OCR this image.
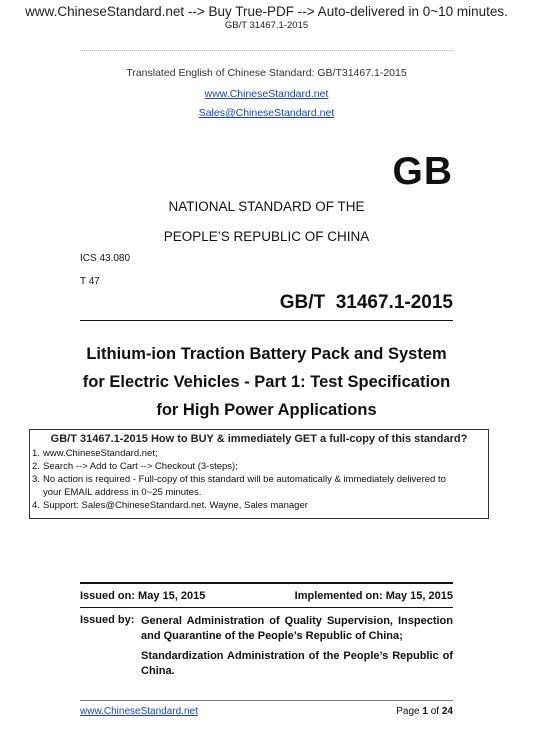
www.ChineseStandard.net --> Buy True-PDF --> Auto-delivered in 0~10 minutes.
GB/T 31467.1-2015
Translated English of Chinese Standard: GB/T31467.1-2015
www.ChineseStandard.net
Sales@ChineseStandard.net
GB
NATIONAL STANDARD OF THE
PEOPLE’S REPUBLIC OF CHINA
ICS 43.080
T 47
GB/T  31467.1-2015
Lithium-ion Traction Battery Pack and System
for Electric Vehicles - Part 1: Test Specification
for High Power Applications
GB/T 31467.1-2015 How to BUY & immediately GET a full-copy of this standard?
1. www.ChineseStandard.net;
2. Search --> Add to Cart --> Checkout (3-steps);
3. No action is required - Full-copy of this standard will be automatically & immediately delivered to
your EMAIL address in 0~25 minutes.
4. Support: Sales@ChineseStandard.net. Wayne, Sales manager
Issued on: May 15, 2015	Implemented on: May 15, 2015
Issued by: General Administration of Quality Supervision, Inspection and Quarantine of the People’s Republic of China;
Standardization Administration of the People’s Republic of China.
www.ChineseStandard.net	Page 1 of 24
